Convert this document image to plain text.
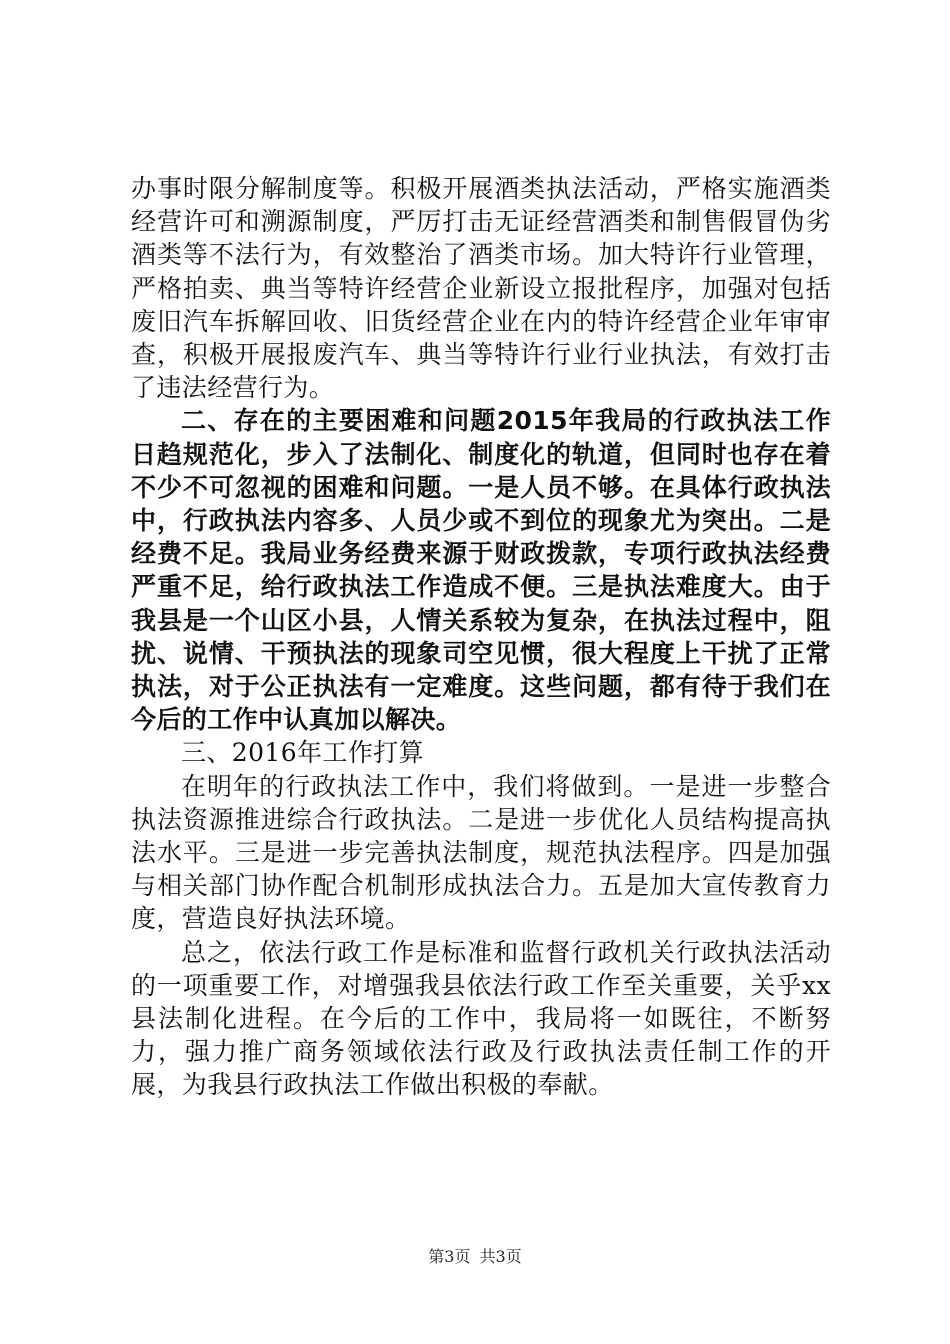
办事时限分解制度等。积极开展酒类执法活动，严格实施酒类经营许可和溯源制度，严厉打击无证经营酒类和制售假冒伪劣酒类等不法行为，有效整治了酒类市场。加大特许行业管理，严格拍卖、典当等特许经营企业新设立报批程序，加强对包括废旧汽车拆解回收、旧货经营企业在内的特许经营企业年审审查，积极开展报废汽车、典当等特许行业行业执法，有效打击了违法经营行为。

二、存在的主要困难和问题2015年我局的行政执法工作日趋规范化，步入了法制化、制度化的轨道，但同时也存在着不少不可忽视的困难和问题。一是人员不够。在具体行政执法中，行政执法内容多、人员少或不到位的现象尤为突出。二是经费不足。我局业务经费来源于财政拨款，专项行政执法经费严重不足，给行政执法工作造成不便。三是执法难度大。由于我县是一个山区小县，人情关系较为复杂，在执法过程中，阻扰、说情、干预执法的现象司空见惯，很大程度上干扰了正常执法，对于公正执法有一定难度。这些问题，都有待于我们在今后的工作中认真加以解决。

三、2016年工作打算

在明年的行政执法工作中，我们将做到。一是进一步整合执法资源推进综合行政执法。二是进一步优化人员结构提高执法水平。三是进一步完善执法制度，规范执法程序。四是加强与相关部门协作配合机制形成执法合力。五是加大宣传教育力度，营造良好执法环境。

总之，依法行政工作是标准和监督行政机关行政执法活动的一项重要工作，对增强我县依法行政工作至关重要，关乎xx县法制化进程。在今后的工作中，我局将一如既往，不断努力，强力推广商务领域依法行政及行政执法责任制工作的开展，为我县行政执法工作做出积极的奉献。

第3页 共3页
